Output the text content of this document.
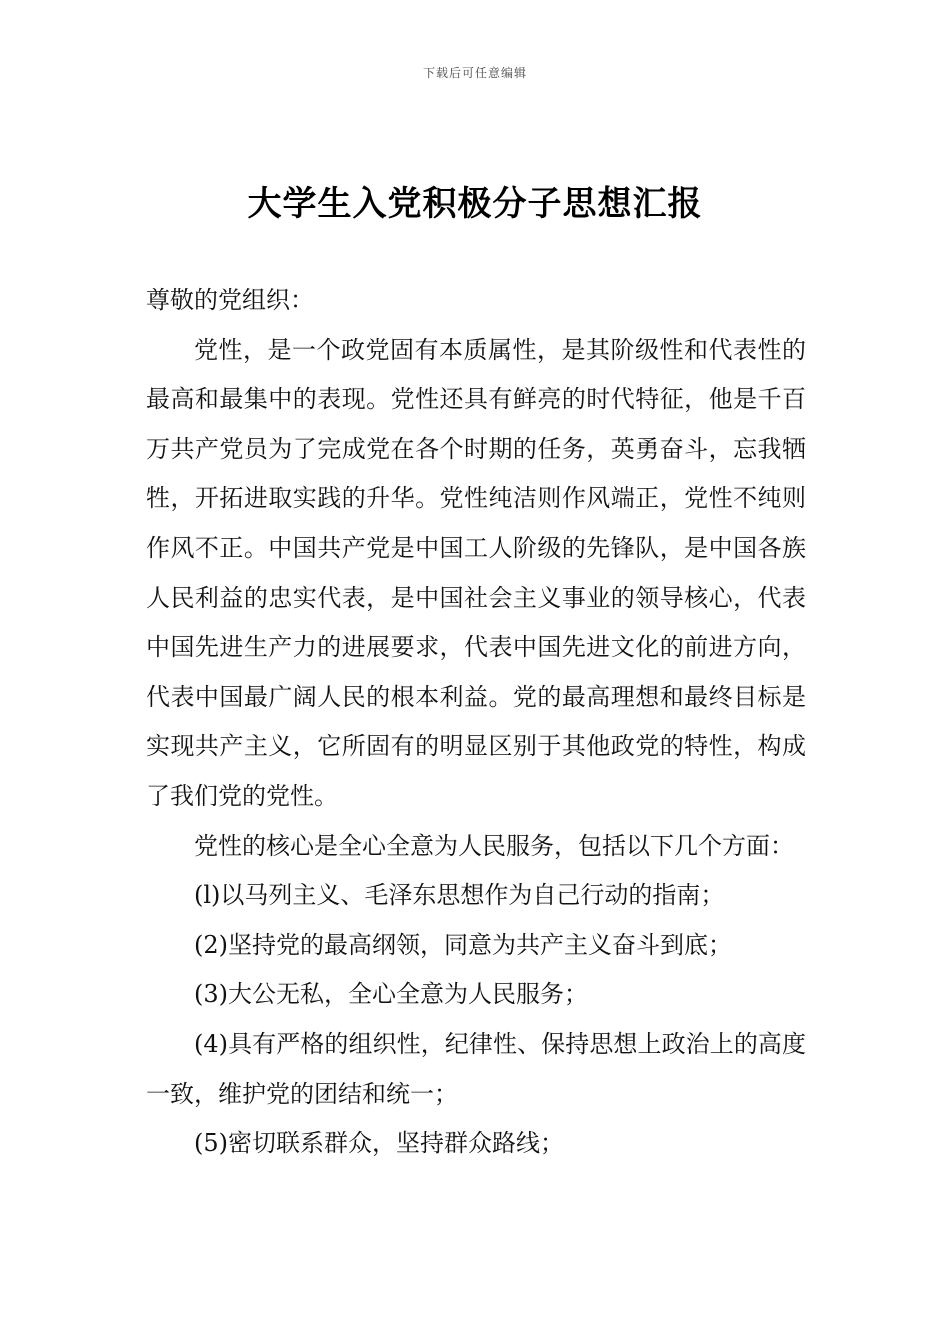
下载后可任意编辑
大学生入党积极分子思想汇报

尊敬的党组织：

党性，是一个政党固有本质属性，是其阶级性和代表性的最高和最集中的表现。党性还具有鲜亮的时代特征，他是千百万共产党员为了完成党在各个时期的任务，英勇奋斗，忘我牺牲，开拓进取实践的升华。党性纯洁则作风端正，党性不纯则作风不正。中国共产党是中国工人阶级的先锋队，是中国各族人民利益的忠实代表，是中国社会主义事业的领导核心，代表中国先进生产力的进展要求，代表中国先进文化的前进方向，代表中国最广阔人民的根本利益。党的最高理想和最终目标是实现共产主义，它所固有的明显区别于其他政党的特性，构成了我们党的党性。

党性的核心是全心全意为人民服务，包括以下几个方面：

(l)以马列主义、毛泽东思想作为自己行动的指南；

(2)坚持党的最高纲领，同意为共产主义奋斗到底；

(3)大公无私，全心全意为人民服务；

(4)具有严格的组织性，纪律性、保持思想上政治上的高度一致，维护党的团结和统一；

(5)密切联系群众，坚持群众路线；
